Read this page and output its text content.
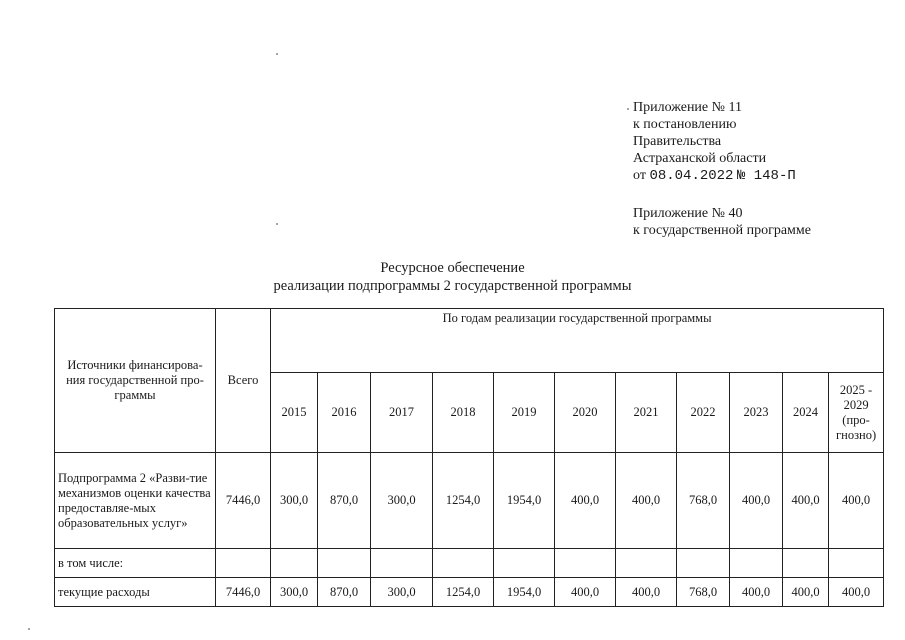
Приложение № 11
к постановлению
Правительства
Астраханской области
от 08.04.2022 № 148-П
Приложение № 40
к государственной программе
Ресурсное обеспечение
реализации подпрограммы 2 государственной программы
Источники финансирова-ния государственной про-граммы	Всего	По годам реализации государственной программы										
		2015	2016	2017	2018	2019	2020	2021	2022	2023	2024	2025 - 2029 (про-гнозно)
Подпрограмма 2 «Разви-тие механизмов оценки качества предоставляе-мых образовательных услуг»	7446,0	300,0	870,0	300,0	1254,0	1954,0	400,0	400,0	768,0	400,0	400,0	400,0
в том числе:												
текущие расходы	7446,0	300,0	870,0	300,0	1254,0	1954,0	400,0	400,0	768,0	400,0	400,0	400,0
